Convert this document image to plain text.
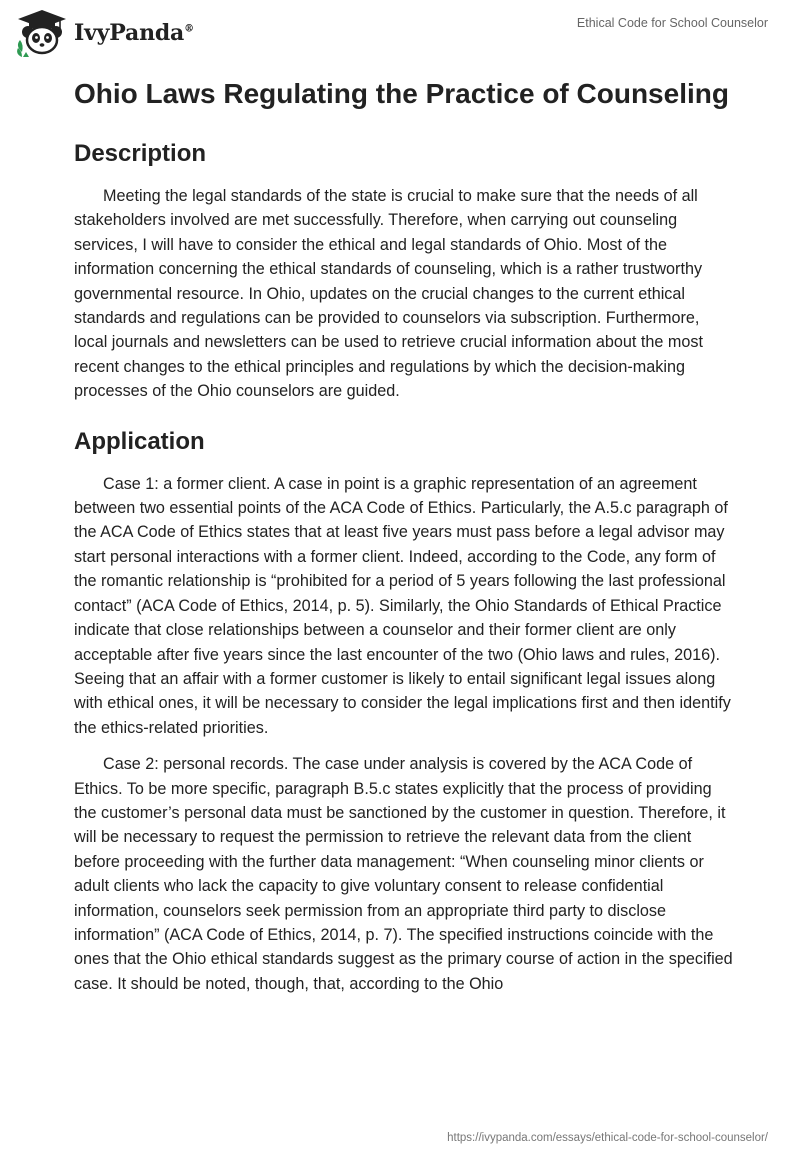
IvyPanda®	Ethical Code for School Counselor
Ohio Laws Regulating the Practice of Counseling
Description

Meeting the legal standards of the state is crucial to make sure that the needs of all stakeholders involved are met successfully. Therefore, when carrying out counseling services, I will have to consider the ethical and legal standards of Ohio. Most of the information concerning the ethical standards of counseling, which is a rather trustworthy governmental resource. In Ohio, updates on the crucial changes to the current ethical standards and regulations can be provided to counselors via subscription. Furthermore, local journals and newsletters can be used to retrieve crucial information about the most recent changes to the ethical principles and regulations by which the decision-making processes of the Ohio counselors are guided.

Application

Case 1: a former client. A case in point is a graphic representation of an agreement between two essential points of the ACA Code of Ethics. Particularly, the A.5.c paragraph of the ACA Code of Ethics states that at least five years must pass before a legal advisor may start personal interactions with a former client. Indeed, according to the Code, any form of the romantic relationship is “prohibited for a period of 5 years following the last professional contact” (ACA Code of Ethics, 2014, p. 5). Similarly, the Ohio Standards of Ethical Practice indicate that close relationships between a counselor and their former client are only acceptable after five years since the last encounter of the two (Ohio laws and rules, 2016). Seeing that an affair with a former customer is likely to entail significant legal issues along with ethical ones, it will be necessary to consider the legal implications first and then identify the ethics-related priorities.

Case 2: personal records. The case under analysis is covered by the ACA Code of Ethics. To be more specific, paragraph B.5.c states explicitly that the process of providing the customer’s personal data must be sanctioned by the customer in question. Therefore, it will be necessary to request the permission to retrieve the relevant data from the client before proceeding with the further data management: “When counseling minor clients or adult clients who lack the capacity to give voluntary consent to release confidential information, counselors seek permission from an appropriate third party to disclose information” (ACA Code of Ethics, 2014, p. 7). The specified instructions coincide with the ones that the Ohio ethical standards suggest as the primary course of action in the specified case. It should be noted, though, that, according to the Ohio

https://ivypanda.com/essays/ethical-code-for-school-counselor/
